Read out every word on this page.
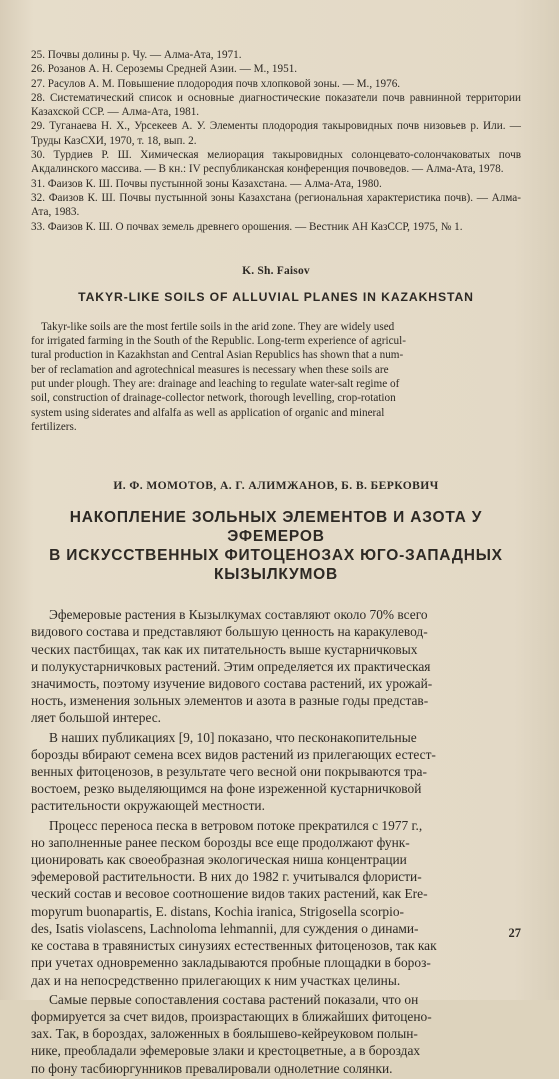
25. Почвы долины р. Чу. — Алма-Ата, 1971.

26. Розанов А. Н. Сероземы Средней Азии. — М., 1951.

27. Расулов А. М. Повышение плодородия почв хлопковой зоны. — М., 1976.

28. Систематический список и основные диагностические показатели почв равнинной территории Казахской ССР. — Алма-Ата, 1981.

29. Туганаева Н. Х., Урсекеев А. У. Элементы плодородия такыровидных почв низовьев р. Или. — Труды КазСХИ, 1970, т. 18, вып. 2.

30. Турдиев Р. Ш. Химическая мелиорация такыровидных солонцевато-солончаковатых почв Акдалинского массива. — В кн.: IV республиканская конференция почвоведов. — Алма-Ата, 1978.

31. Фаизов К. Ш. Почвы пустынной зоны Казахстана. — Алма-Ата, 1980.

32. Фаизов К. Ш. Почвы пустынной зоны Казахстана (региональная характеристика почв). — Алма-Ата, 1983.

33. Фаизов К. Ш. О почвах земель древнего орошения. — Вестник АН КазССР, 1975, № 1.

K. Sh. Faisov
TAKYR-LIKE SOILS OF ALLUVIAL PLANES IN KAZAKHSTAN
Takyr-like soils are the most fertile soils in the arid zone. They are widely used
for irrigated farming in the South of the Republic. Long-term experience of agricul-
tural production in Kazakhstan and Central Asian Republics has shown that a num-
ber of reclamation and agrotechnical measures is necessary when these soils are
put under plough. They are: drainage and leaching to regulate water-salt regime of
soil, construction of drainage-collector network, thorough levelling, crop-rotation
system using siderates and alfalfa as well as application of organic and mineral
fertilizers.
И. Ф. МОМОТОВ, А. Г. АЛИМЖАНОВ, Б. В. БЕРКОВИЧ
НАКОПЛЕНИЕ ЗОЛЬНЫХ ЭЛЕМЕНТОВ И АЗОТА У ЭФЕМЕРОВ
В ИСКУССТВЕННЫХ ФИТОЦЕНОЗАХ ЮГО-ЗАПАДНЫХ
КЫЗЫЛКУМОВ
Эфемеровые растения в Кызылкумах составляют около 70% всего
видового состава и представляют большую ценность на каракулевод-
ческих пастбищах, так как их питательность выше кустарничковых
и полукустарничковых растений. Этим определяется их практическая
значимость, поэтому изучение видового состава растений, их урожай-
ность, изменения зольных элементов и азота в разные годы представ-
ляет большой интерес.
В наших публикациях [9, 10] показано, что песконакопительные
борозды вбирают семена всех видов растений из прилегающих естест-
венных фитоценозов, в результате чего весной они покрываются тра-
востоем, резко выделяющимся на фоне изреженной кустарничковой
растительности окружающей местности.
Процесс переноса песка в ветровом потоке прекратился с 1977 г.,
но заполненные ранее песком борозды все еще продолжают функ-
ционировать как своеобразная экологическая ниша концентрации
эфемеровой растительности. В них до 1982 г. учитывался флористи-
ческий состав и весовое соотношение видов таких растений, как Ere-
mopyrum buonapartis, E. distans, Kochia iranica, Strigosella scorpio-
des, Isatis violascens, Lachnoloma lehmannii, для суждения о динами-
ке состава в травянистых синузиях естественных фитоценозов, так как
при учетах одновременно закладываются пробные площадки в бороз-
дах и на непосредственно прилегающих к ним участках целины.
Самые первые сопоставления состава растений показали, что он
формируется за счет видов, произрастающих в ближайших фитоцено-
зах. Так, в бороздах, заложенных в боялышево-кейреуковом полын-
нике, преобладали эфемеровые злаки и крестоцветные, а в бороздах
по фону тасбиюргунников превалировали однолетние солянки.
27
